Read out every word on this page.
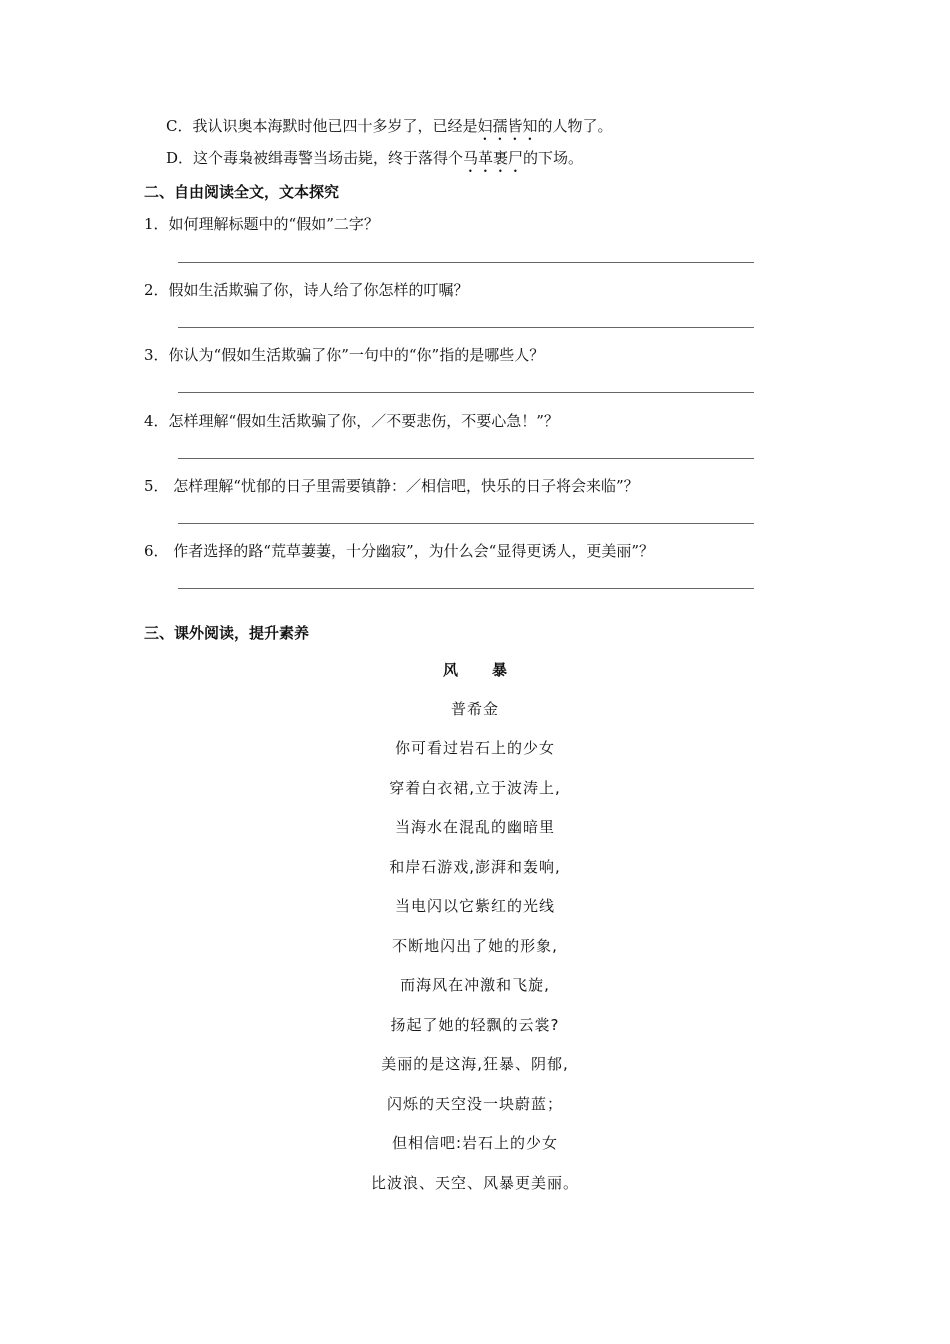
C．我认识奥本海默时他已四十多岁了，已经是妇孺皆知的人物了。
D．这个毒枭被缉毒警当场击毙，终于落得个马革裹尸的下场。
二、自由阅读全文，文本探究
1．如何理解标题中的“假如”二字？
2．假如生活欺骗了你，诗人给了你怎样的叮嘱？
3．你认为“假如生活欺骗了你”一句中的“你”指的是哪些人？
4．怎样理解“假如生活欺骗了你，／不要悲伤，不要心急！”？
5． 怎样理解“忧郁的日子里需要镇静：／相信吧，快乐的日子将会来临”？
6． 作者选择的路“荒草萋萋，十分幽寂”，为什么会“显得更诱人，更美丽”？
三、课外阅读，提升素养
风 暴
普希金
你可看过岩石上的少女
穿着白衣裙,立于波涛上,
当海水在混乱的幽暗里
和岸石游戏,澎湃和轰响,
当电闪以它紫红的光线
不断地闪出了她的形象,
而海风在冲激和飞旋,
扬起了她的轻飘的云裳?
美丽的是这海,狂暴、阴郁,
闪烁的天空没一块蔚蓝；
但相信吧:岩石上的少女
比波浪、天空、风暴更美丽。
